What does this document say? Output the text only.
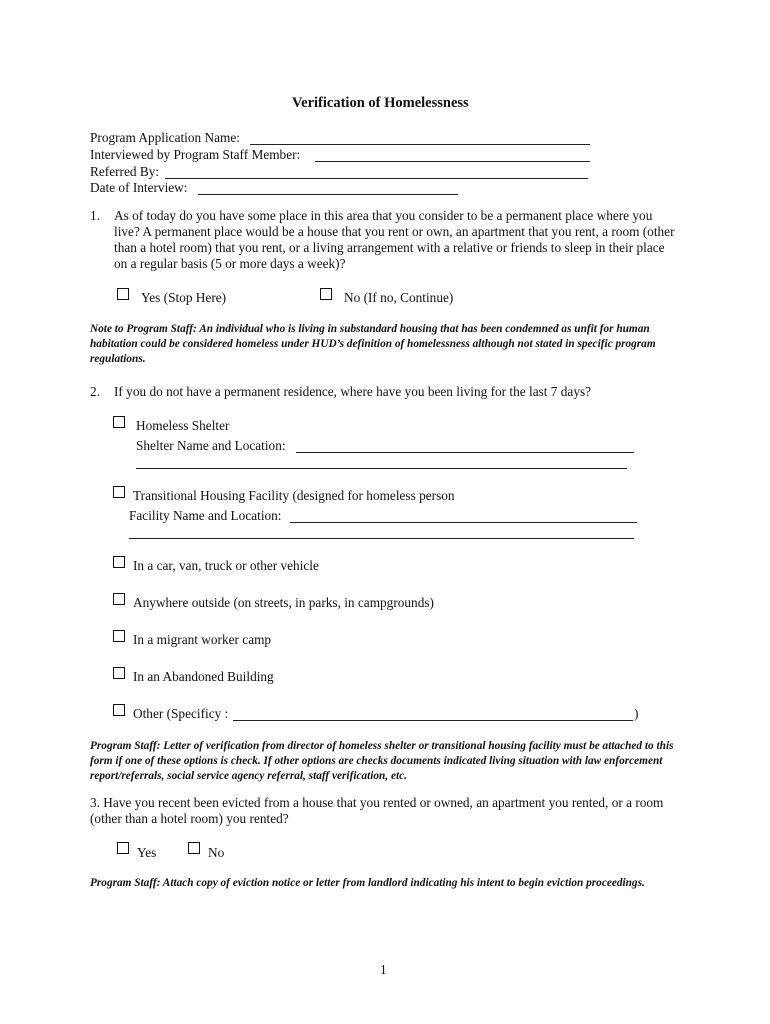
Verification of Homelessness
Program Application Name:
Interviewed by Program Staff Member:
Referred By:
Date of Interview:
1. As of today do you have some place in this area that you consider to be a permanent place where you live? A permanent place would be a house that you rent or own, an apartment that you rent, a room (other than a hotel room) that you rent, or a living arrangement with a relative or friends to sleep in their place on a regular basis (5 or more days a week)?
Yes (Stop Here)	No (If no, Continue)
Note to Program Staff: An individual who is living in substandard housing that has been condemned as unfit for human habitation could be considered homeless under HUD’s definition of homelessness although not stated in specific program regulations.
2. If you do not have a permanent residence, where have you been living for the last 7 days?
Homeless Shelter
Shelter Name and Location:
Transitional Housing Facility (designed for homeless person
Facility Name and Location:
In a car, van, truck or other vehicle
Anywhere outside (on streets, in parks, in campgrounds)
In a migrant worker camp
In an Abandoned Building
Other (Specificy :	)
Program Staff: Letter of verification from director of homeless shelter or transitional housing facility must be attached to this form if one of these options is check. If other options are checks documents indicated living situation with law enforcement report/referrals, social service agency referral, staff verification, etc.
3. Have you recent been evicted from a house that you rented or owned, an apartment you rented, or a room (other than a hotel room) you rented?
Yes	No
Program Staff: Attach copy of eviction notice or letter from landlord indicating his intent to begin eviction proceedings.
1
